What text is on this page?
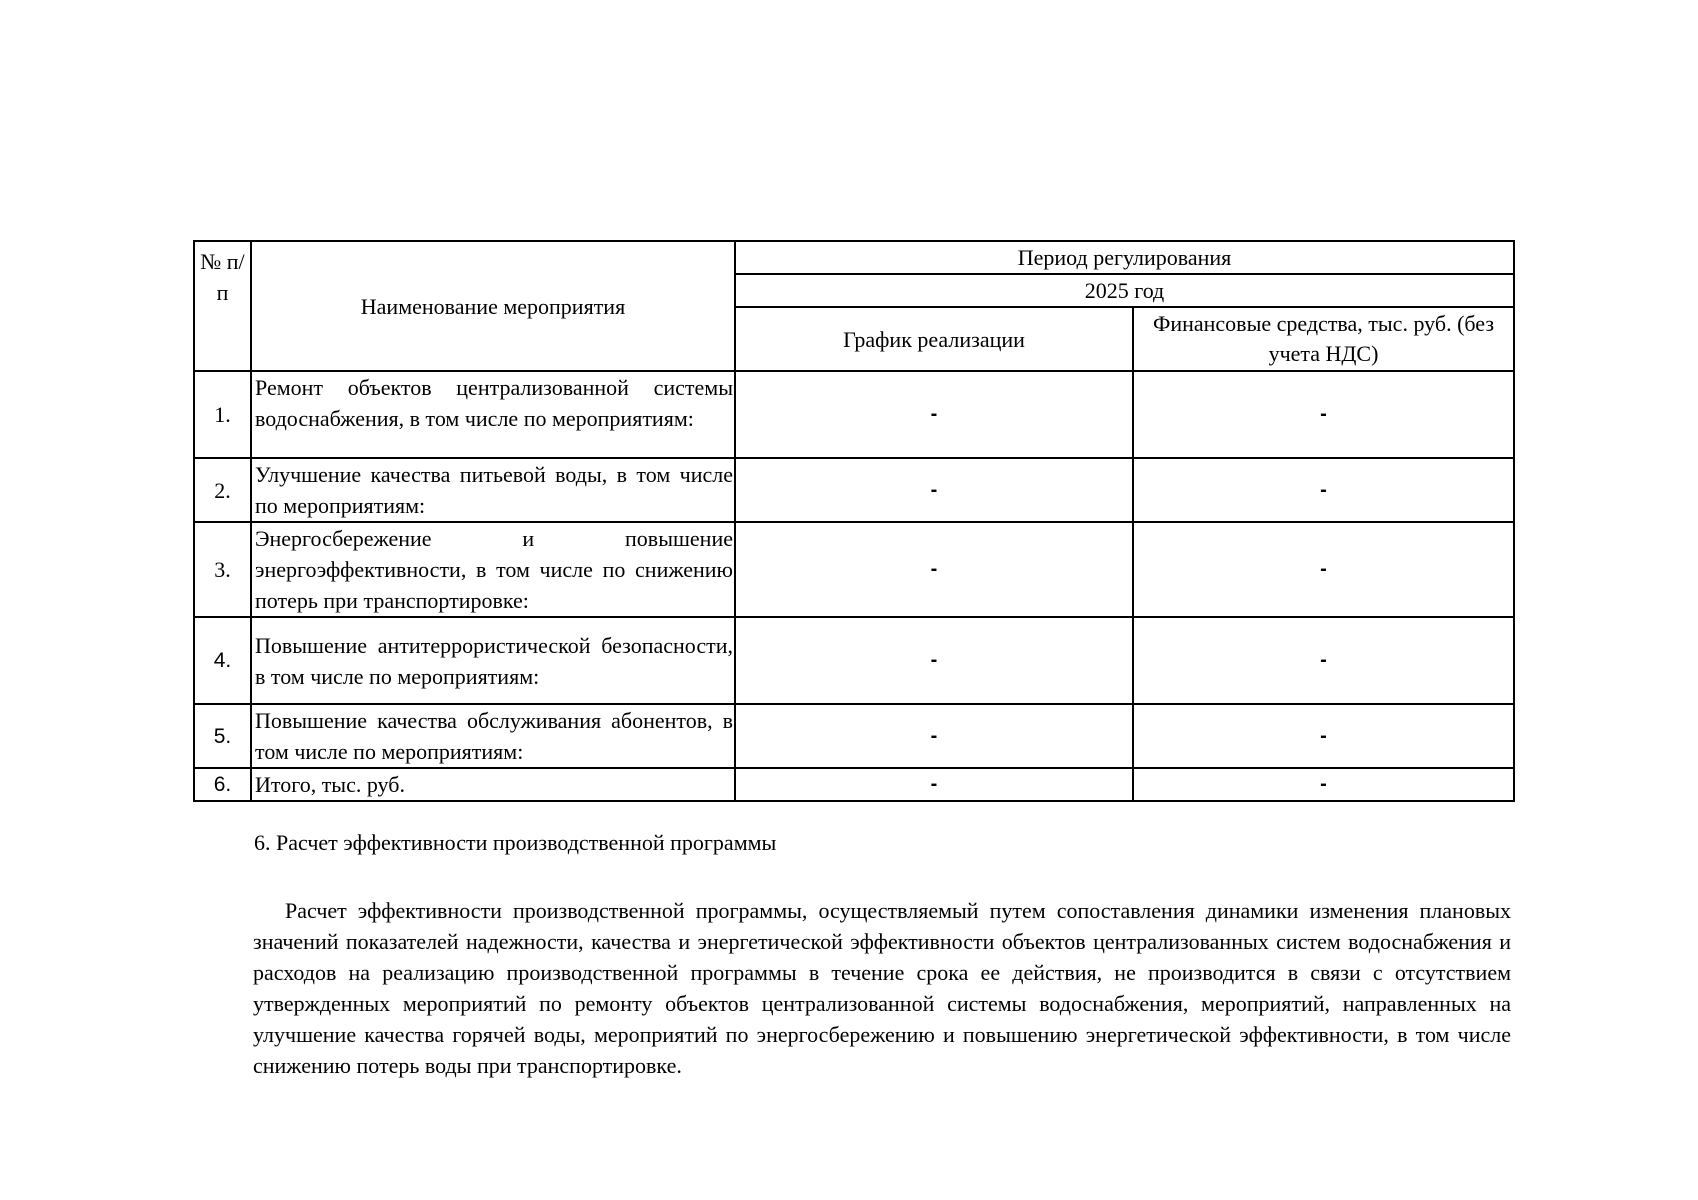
№ п/п	Наименование мероприятия	Период регулирования	
		2025 год	
		График реализации	Финансовые средства, тыс. руб. (без учета НДС)
1.	Ремонт объектов централизованной системы водоснабжения, в том числе по мероприятиям:	-	-
2.	Улучшение качества питьевой воды, в том числе по мероприятиям:	-	-
3.	Энергосбережение и повышение энергоэффективности, в том числе по снижению потерь при транспортировке:	-	-
4.	Повышение антитеррористической безопасности, в том числе по мероприятиям:	-	-
5.	Повышение качества обслуживания абонентов, в том числе по мероприятиям:	-	-
6.	Итого, тыс. руб.	-	-
6. Расчет эффективности производственной программы

Расчет эффективности производственной программы, осуществляемый путем сопоставления динамики изменения плановых значений показателей надежности, качества и энергетической эффективности объектов централизованных систем водоснабжения и расходов на реализацию производственной программы в течение срока ее действия, не производится в связи с отсутствием утвержденных мероприятий по ремонту объектов централизованной системы водоснабжения, мероприятий, направленных на улучшение качества горячей воды, мероприятий по энергосбережению и повышению энергетической эффективности, в том числе снижению потерь воды при транспортировке.
